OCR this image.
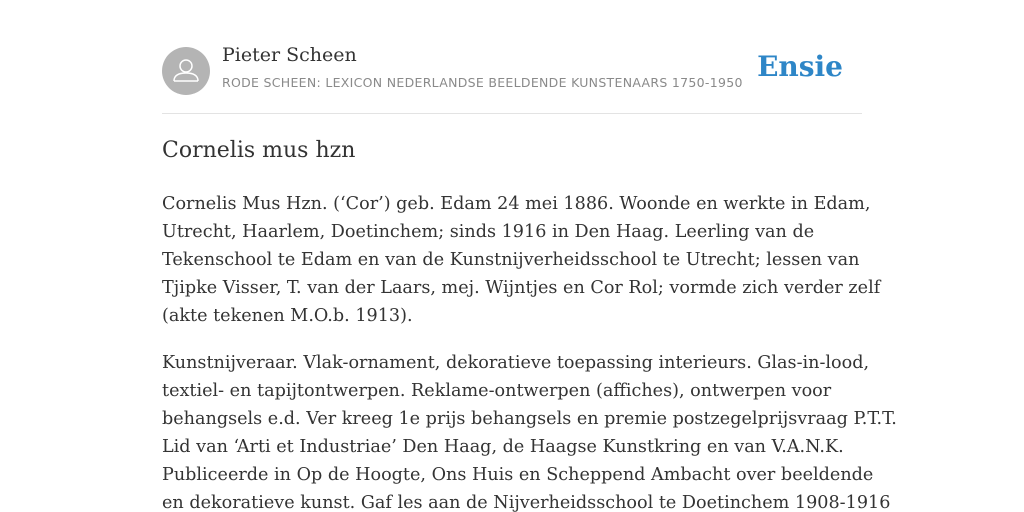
Pieter Scheen
RODE SCHEEN: LEXICON NEDERLANDSE BEELDENDE KUNSTENAARS 1750-1950 Ensie
Cornelis mus hzn

Cornelis Mus Hzn. (‘Cor’) geb. Edam 24 mei 1886. Woonde en werkte in Edam,
Utrecht, Haarlem, Doetinchem; sinds 1916 in Den Haag. Leerling van de
Tekenschool te Edam en van de Kunstnijverheidsschool te Utrecht; lessen van
Tjipke Visser, T. van der Laars, mej. Wijntjes en Cor Rol; vormde zich verder zelf
(akte tekenen M.O.b. 1913).

Kunstnijveraar. Vlak-ornament, dekoratieve toepassing interieurs. Glas-in-lood,
textiel- en tapijtontwerpen. Reklame-ontwerpen (affiches), ontwerpen voor
behangsels e.d. Ver kreeg 1e prijs behangsels en premie postzegelprijsvraag P.T.T.
Lid van ‘Arti et Industriae’ Den Haag, de Haagse Kunstkring en van V.A.N.K.
Publiceerde in Op de Hoogte, Ons Huis en Scheppend Ambacht over beeldende
en dekoratieve kunst. Gaf les aan de Nijverheidsschool te Doetinchem 1908-1916
